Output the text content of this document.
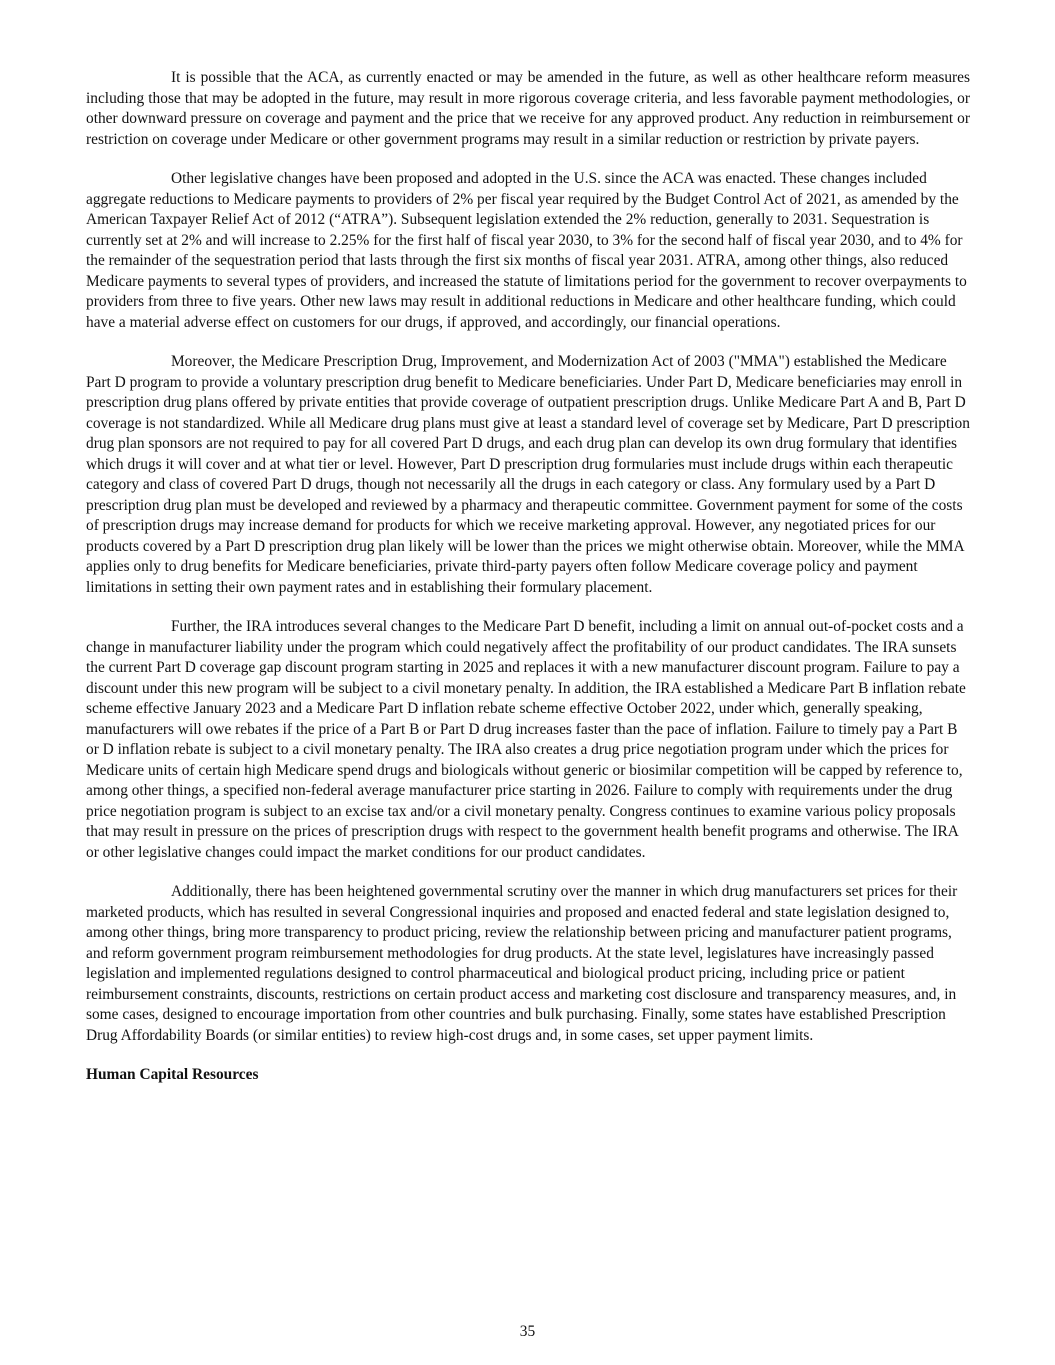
It is possible that the ACA, as currently enacted or may be amended in the future, as well as other healthcare reform measures including those that may be adopted in the future, may result in more rigorous coverage criteria, and less favorable payment methodologies, or other downward pressure on coverage and payment and the price that we receive for any approved product. Any reduction in reimbursement or restriction on coverage under Medicare or other government programs may result in a similar reduction or restriction by private payers.

Other legislative changes have been proposed and adopted in the U.S. since the ACA was enacted. These changes included aggregate reductions to Medicare payments to providers of 2% per fiscal year required by the Budget Control Act of 2021, as amended by the American Taxpayer Relief Act of 2012 (“ATRA”). Subsequent legislation extended the 2% reduction, generally to 2031. Sequestration is currently set at 2% and will increase to 2.25% for the first half of fiscal year 2030, to 3% for the second half of fiscal year 2030, and to 4% for the remainder of the sequestration period that lasts through the first six months of fiscal year 2031. ATRA, among other things, also reduced Medicare payments to several types of providers, and increased the statute of limitations period for the government to recover overpayments to providers from three to five years. Other new laws may result in additional reductions in Medicare and other healthcare funding, which could have a material adverse effect on customers for our drugs, if approved, and accordingly, our financial operations.

Moreover, the Medicare Prescription Drug, Improvement, and Modernization Act of 2003 ("MMA") established the Medicare Part D program to provide a voluntary prescription drug benefit to Medicare beneficiaries. Under Part D, Medicare beneficiaries may enroll in prescription drug plans offered by private entities that provide coverage of outpatient prescription drugs. Unlike Medicare Part A and B, Part D coverage is not standardized. While all Medicare drug plans must give at least a standard level of coverage set by Medicare, Part D prescription drug plan sponsors are not required to pay for all covered Part D drugs, and each drug plan can develop its own drug formulary that identifies which drugs it will cover and at what tier or level. However, Part D prescription drug formularies must include drugs within each therapeutic category and class of covered Part D drugs, though not necessarily all the drugs in each category or class. Any formulary used by a Part D prescription drug plan must be developed and reviewed by a pharmacy and therapeutic committee. Government payment for some of the costs of prescription drugs may increase demand for products for which we receive marketing approval. However, any negotiated prices for our products covered by a Part D prescription drug plan likely will be lower than the prices we might otherwise obtain. Moreover, while the MMA applies only to drug benefits for Medicare beneficiaries, private third-party payers often follow Medicare coverage policy and payment limitations in setting their own payment rates and in establishing their formulary placement.

Further, the IRA introduces several changes to the Medicare Part D benefit, including a limit on annual out-of-pocket costs and a change in manufacturer liability under the program which could negatively affect the profitability of our product candidates. The IRA sunsets the current Part D coverage gap discount program starting in 2025 and replaces it with a new manufacturer discount program. Failure to pay a discount under this new program will be subject to a civil monetary penalty. In addition, the IRA established a Medicare Part B inflation rebate scheme effective January 2023 and a Medicare Part D inflation rebate scheme effective October 2022, under which, generally speaking, manufacturers will owe rebates if the price of a Part B or Part D drug increases faster than the pace of inflation. Failure to timely pay a Part B or D inflation rebate is subject to a civil monetary penalty. The IRA also creates a drug price negotiation program under which the prices for Medicare units of certain high Medicare spend drugs and biologicals without generic or biosimilar competition will be capped by reference to, among other things, a specified non-federal average manufacturer price starting in 2026. Failure to comply with requirements under the drug price negotiation program is subject to an excise tax and/or a civil monetary penalty. Congress continues to examine various policy proposals that may result in pressure on the prices of prescription drugs with respect to the government health benefit programs and otherwise. The IRA or other legislative changes could impact the market conditions for our product candidates.

Additionally, there has been heightened governmental scrutiny over the manner in which drug manufacturers set prices for their marketed products, which has resulted in several Congressional inquiries and proposed and enacted federal and state legislation designed to, among other things, bring more transparency to product pricing, review the relationship between pricing and manufacturer patient programs, and reform government program reimbursement methodologies for drug products. At the state level, legislatures have increasingly passed legislation and implemented regulations designed to control pharmaceutical and biological product pricing, including price or patient reimbursement constraints, discounts, restrictions on certain product access and marketing cost disclosure and transparency measures, and, in some cases, designed to encourage importation from other countries and bulk purchasing. Finally, some states have established Prescription Drug Affordability Boards (or similar entities) to review high-cost drugs and, in some cases, set upper payment limits.

Human Capital Resources

35
